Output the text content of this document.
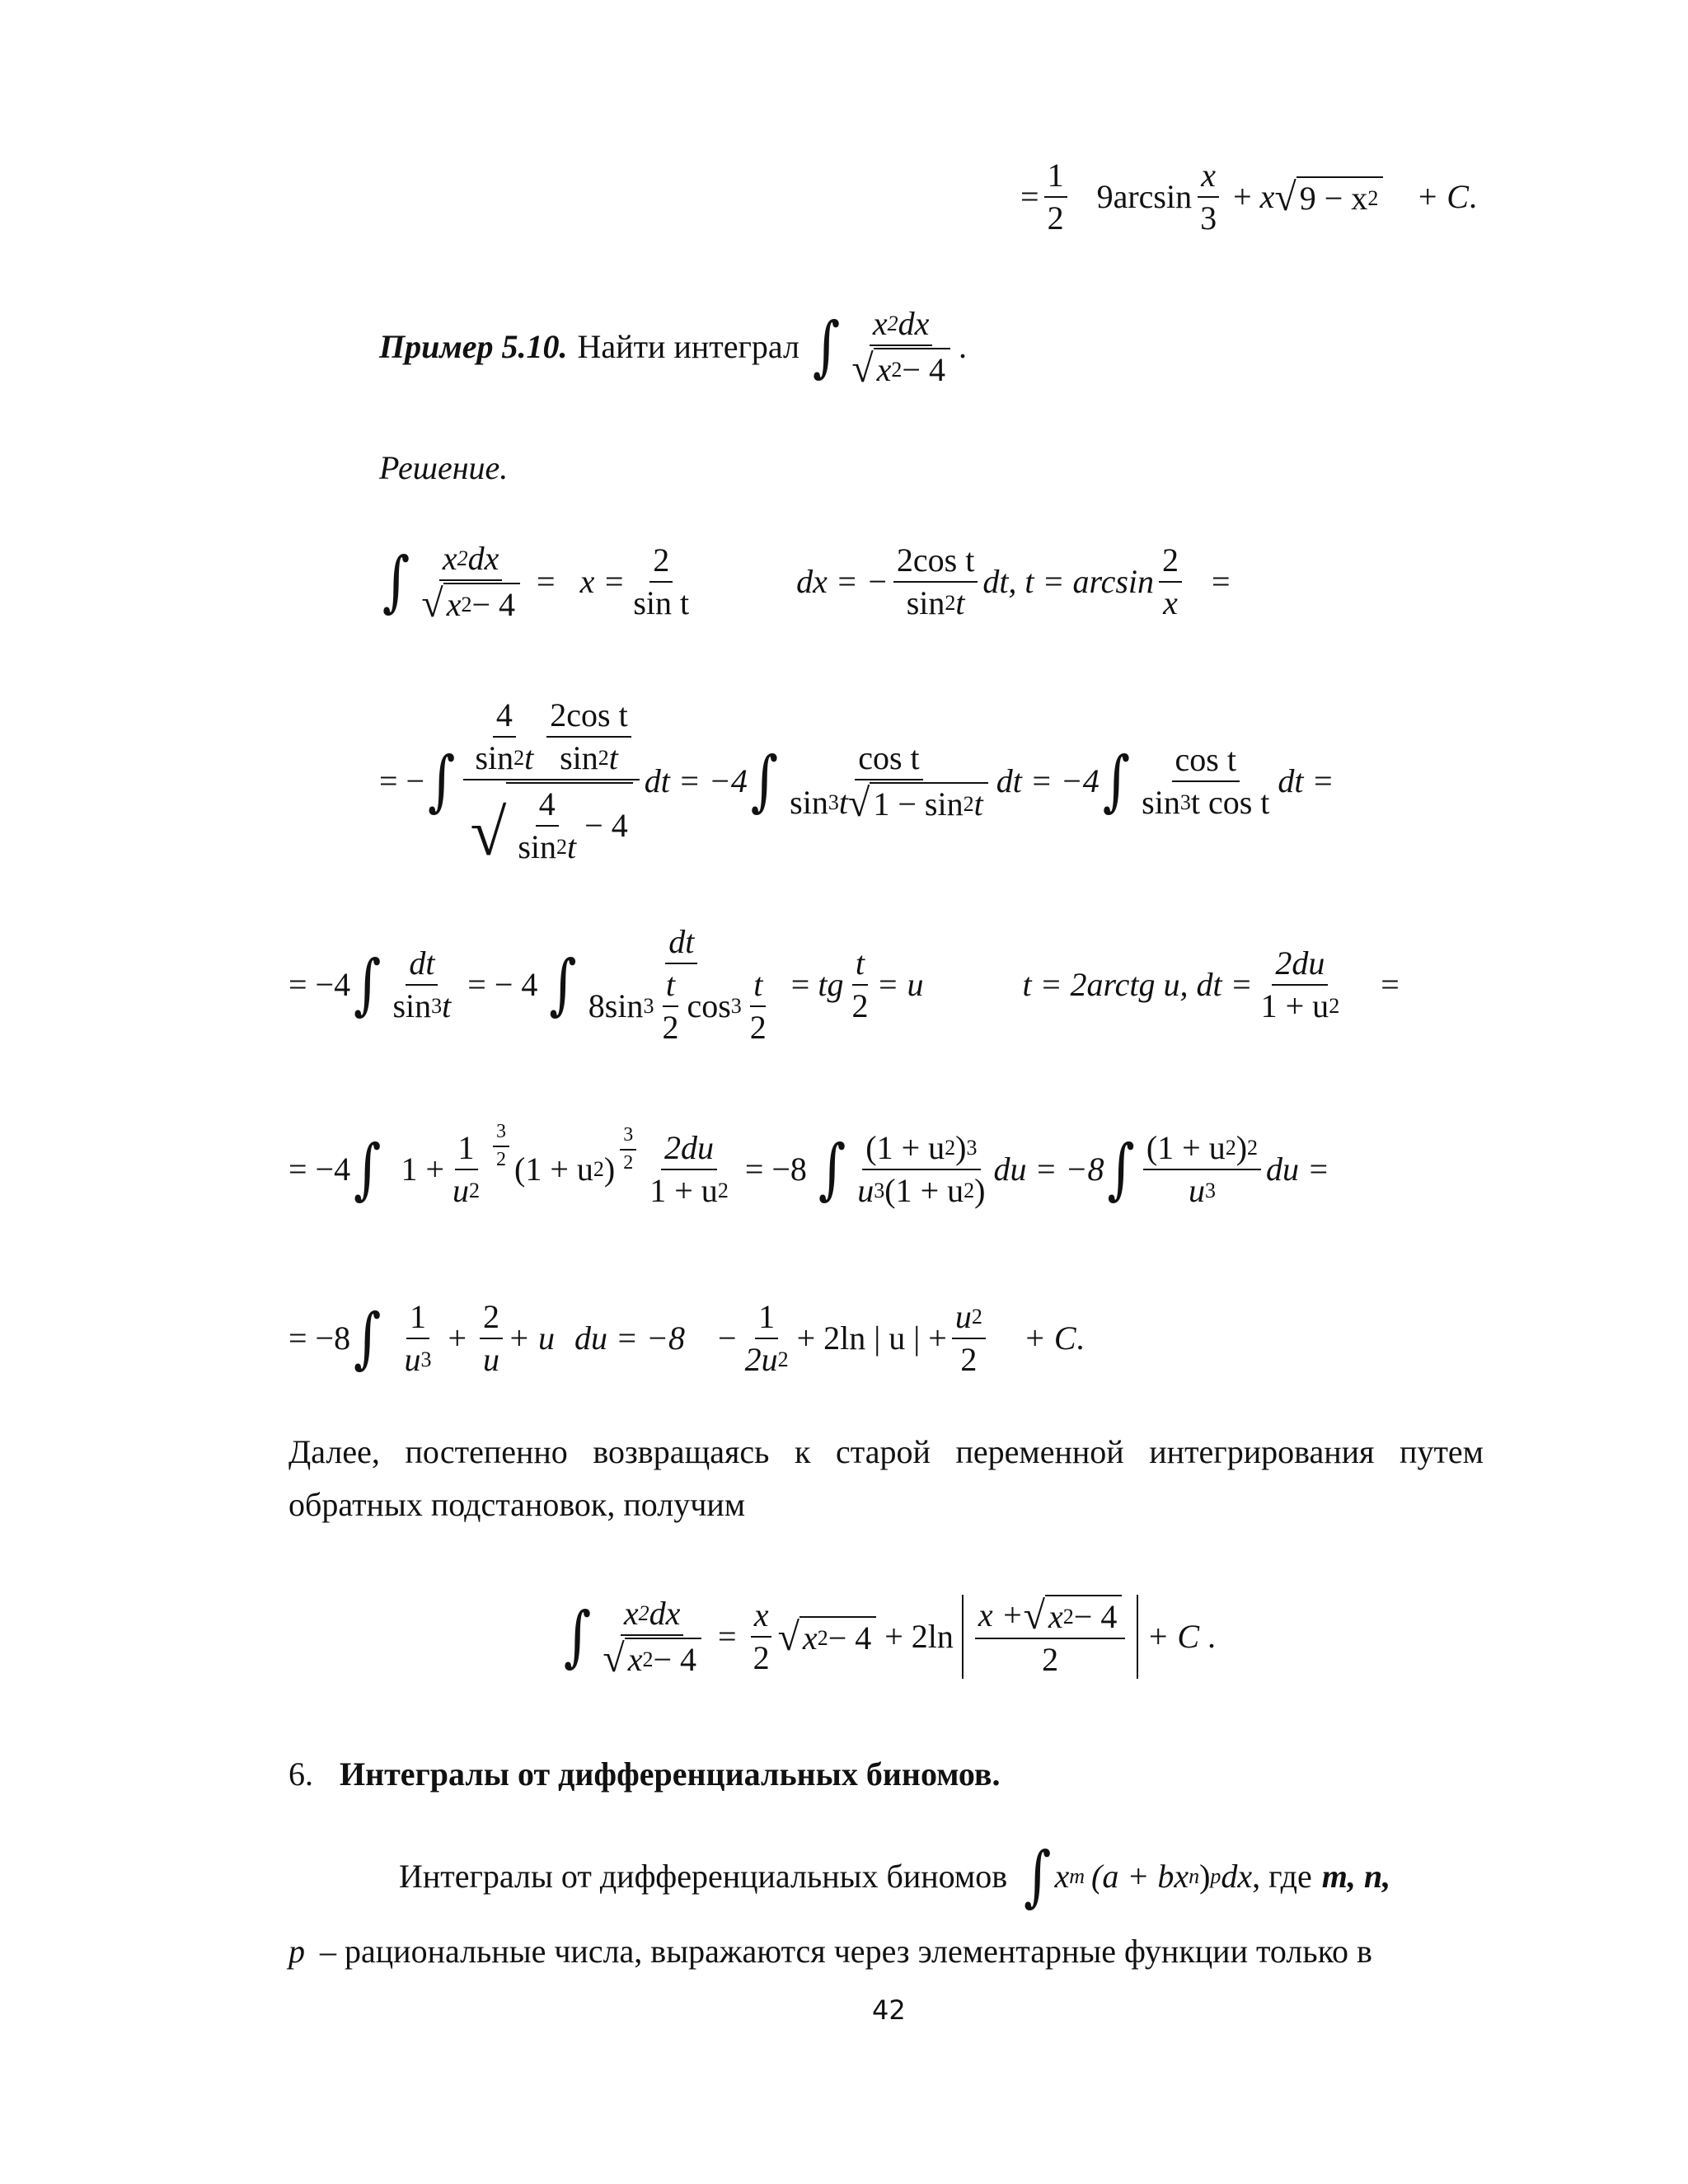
= $\frac{1}{2} 9\arcsin \frac{x}{3} + x$ √ 9 − x 2 + C .
Пример 5.10. Найти интеграл ∫ $\frac{x 2 dx}{√ x 2 - 4}$ .
Решение.
∫ $\frac{x 2 dx}{√ x 2 - 4} = x = \frac{2}{\text{sin t}}$	dx = − $\frac{\text{2cos t}}{\sin 2 t}$ dt, $t = \arcsin \frac{2}{x}$ =
= − ∫ $\frac{\frac{4}{\sin 2 t} \frac{\text{2cos t}}{\sin 2 t}}{√ \frac{4}{\sin 2 t} - 4}$ dt = −4 ∫ $\frac{\text{cos t}}{\sin 3 t √ 1 - \sin 2 t}$ dt = −4 ∫ $\frac{\text{cos t}}{\text{sin 3 t cos t}}$ dt =
= −4 ∫ $\frac{dt}{\sin 3 t}$ = − 4 ∫ $\frac{dt}{8\sin 3 \frac{t}{2} \cos 3 \frac{t}{2}}$ = tg $\frac{t}{2} = u$	t = 2arctg u, dt = $\frac{2du}{1 + u 2}$ =
= −4 ∫ $1 + \frac{1}{u 2} \frac{3}{2} (1 + u$ 2 ) $\frac{3}{2} \frac{2du}{1 + u 2} = -8$ ∫ $\frac{(1 + u 2 ) 3}{u 3 (1 + u 2 )}$ du = −8 ∫ $\frac{(1 + u 2 ) 2}{u 3}$ du =
= −8 ∫ $\frac{1}{u 3} + \frac{2}{u} + u$ du = $-8 - \frac{1}{2u 2} + 2\ln$ | u | + $\frac{u 2}{2} + C$ .
Далее, постепенно возвращаясь к старой переменной интегрирования путем обратных подстановок, получим
∫ $\frac{x 2 dx}{√ x 2 - 4} = \frac{x}{2}$ √ x $2 - 4 + 2\ln \frac{x + √ x 2 - 4}{2} + C$ .
6. Интегралы от дифференциальных биномов.
Интегралы от дифференциальных биномов ∫ x m (a + bx n ) p dx , где m, n,
p – рациональные числа, выражаются через элементарные функции только в
42
